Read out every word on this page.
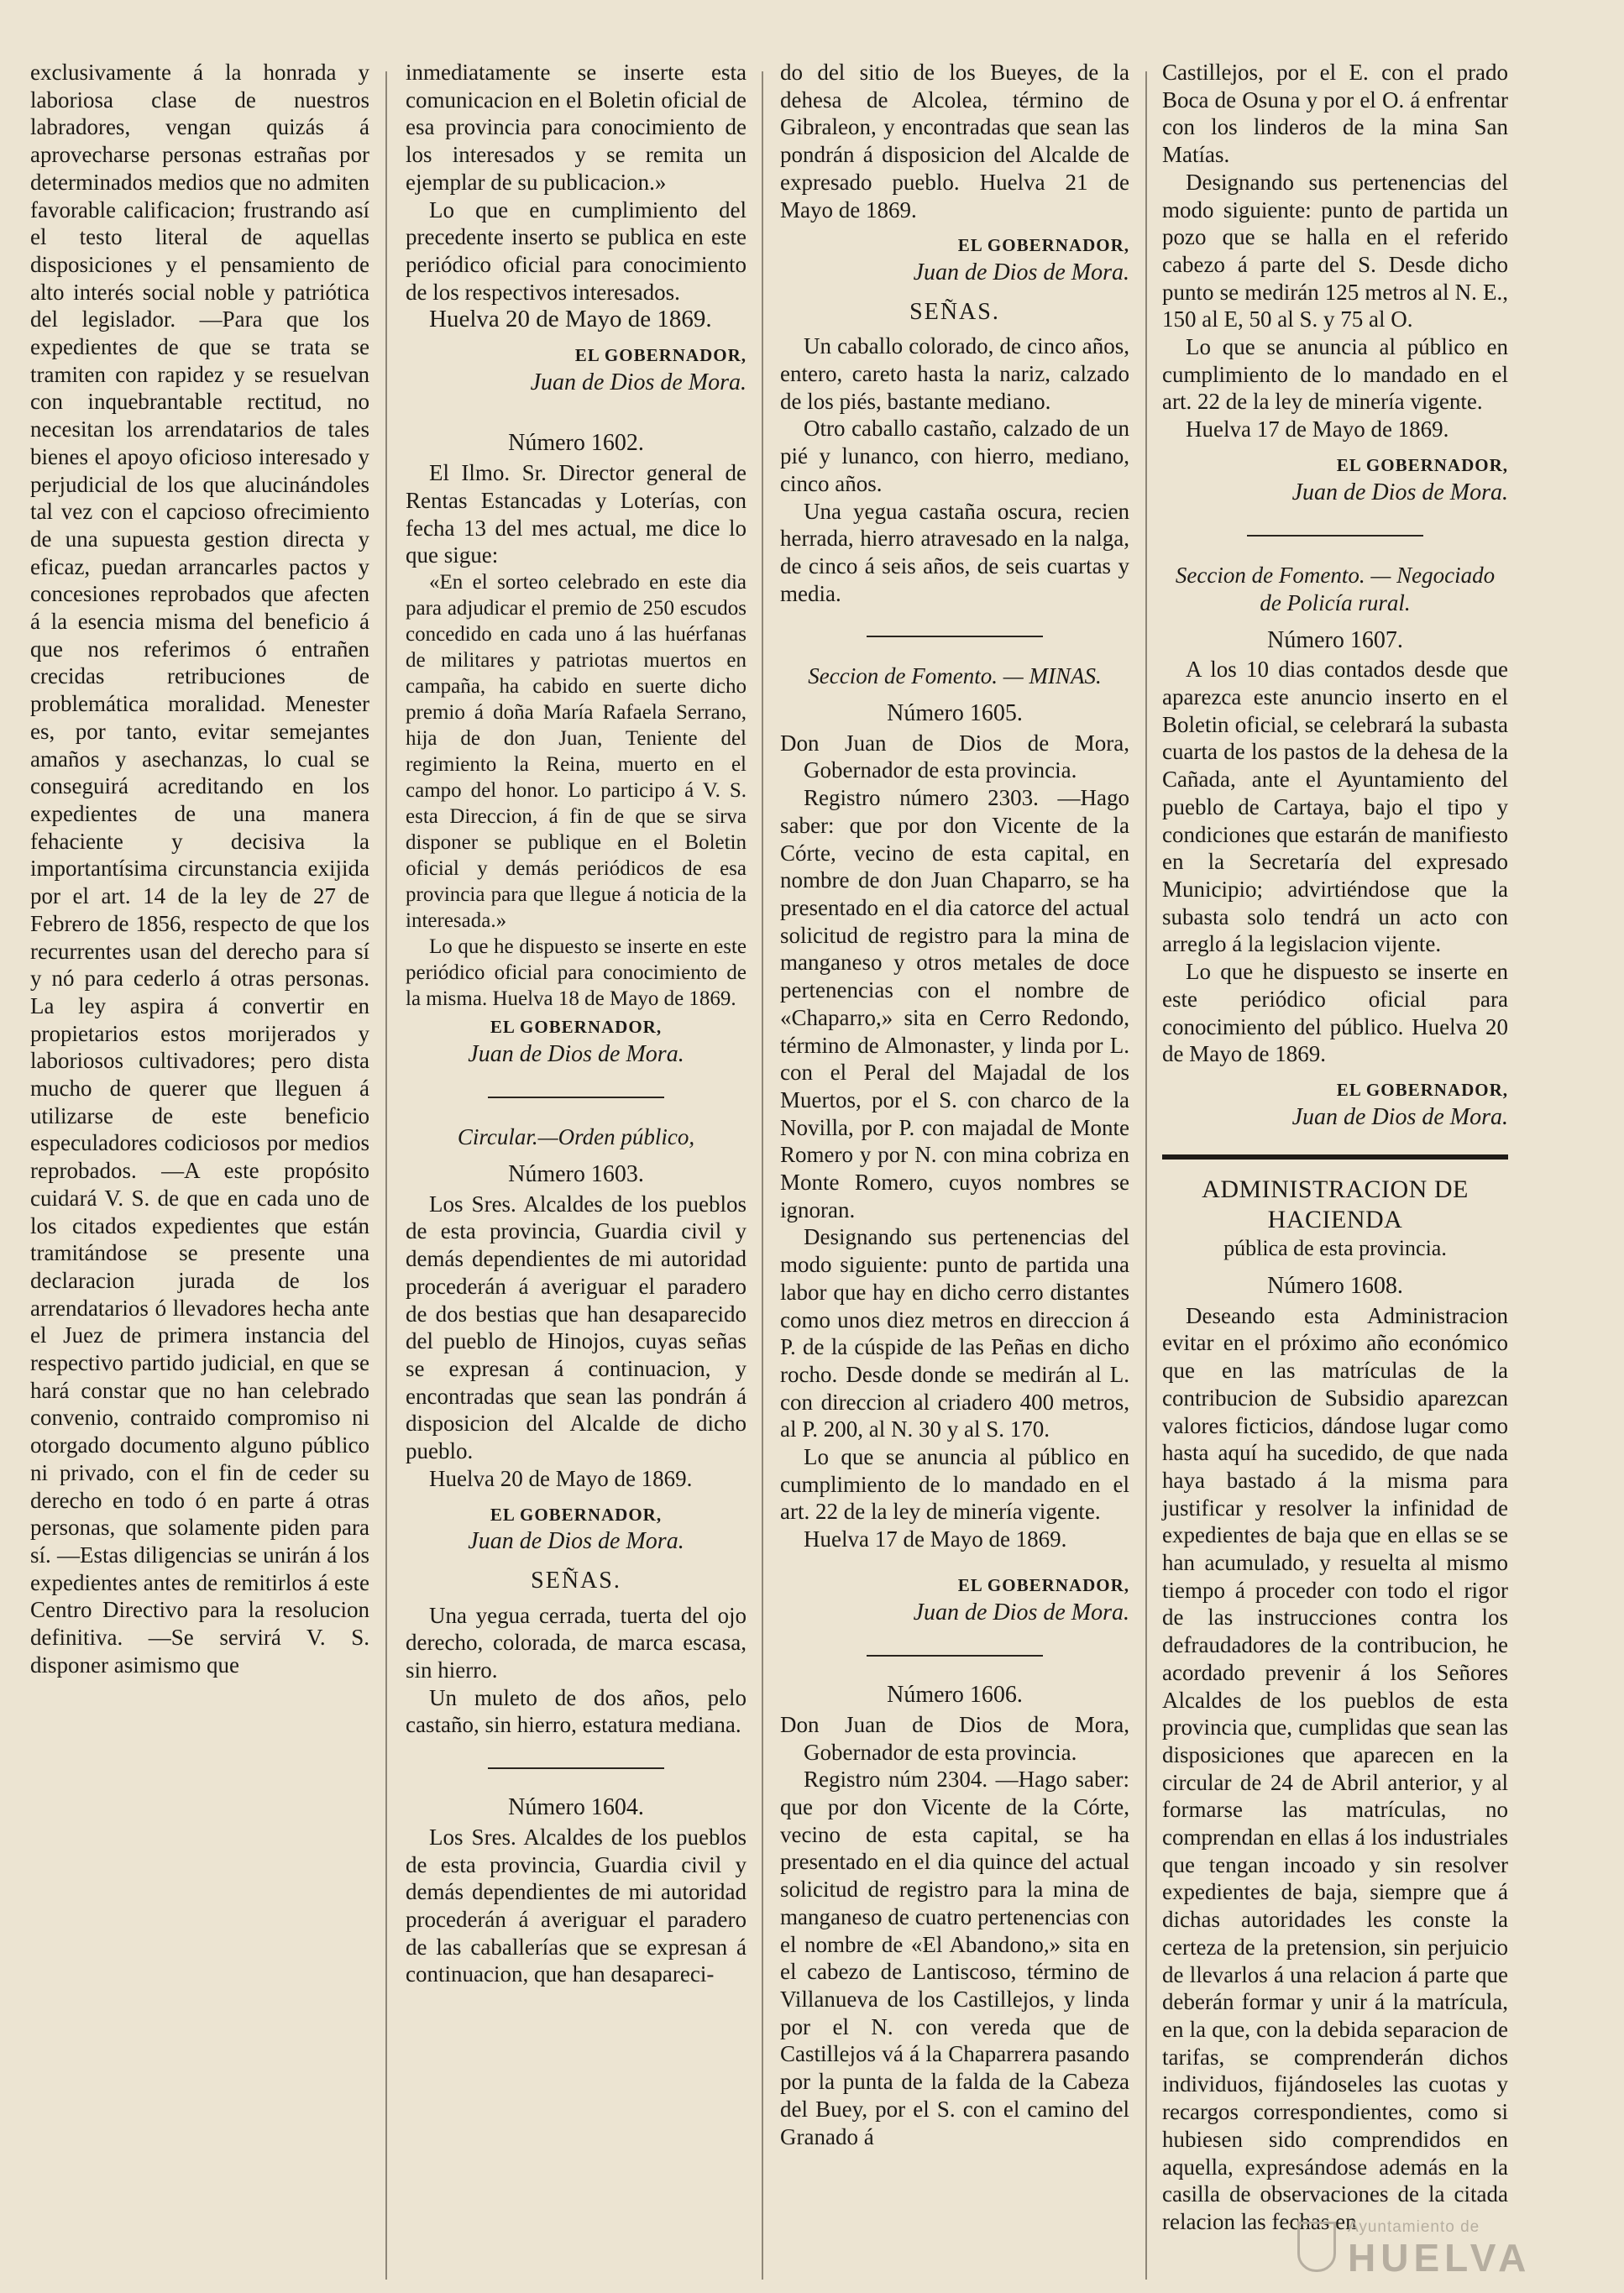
exclusivamente á la honrada y laboriosa clase de nuestros labradores, vengan quizás á aprovecharse personas estrañas por determinados medios que no admiten favorable calificacion; frustrando así el testo literal de aquellas disposiciones y el pensamiento de alto interés social noble y patriótica del legislador. —Para que los expedientes de que se trata se tramiten con rapidez y se resuelvan con inquebrantable rectitud, no necesitan los arrendatarios de tales bienes el apoyo oficioso interesado y perjudicial de los que alucinándoles tal vez con el capcioso ofrecimiento de una supuesta gestion directa y eficaz, puedan arrancarles pactos y concesiones reprobados que afecten á la esencia misma del beneficio á que nos referimos ó entrañen crecidas retribuciones de problemática moralidad. Menester es, por tanto, evitar semejantes amaños y asechanzas, lo cual se conseguirá acreditando en los expedientes de una manera fehaciente y decisiva la importantísima circunstancia exijida por el art. 14 de la ley de 27 de Febrero de 1856, respecto de que los recurrentes usan del derecho para sí y nó para cederlo á otras personas. La ley aspira á convertir en propietarios estos morijerados y laboriosos cultivadores; pero dista mucho de querer que lleguen á utilizarse de este beneficio especuladores codiciosos por medios reprobados. —A este propósito cuidará V. S. de que en cada uno de los citados expedientes que están tramitándose se presente una declaracion jurada de los arrendatarios ó llevadores hecha ante el Juez de primera instancia del respectivo partido judicial, en que se hará constar que no han celebrado convenio, contraido compromiso ni otorgado documento alguno público ni privado, con el fin de ceder su derecho en todo ó en parte á otras personas, que solamente piden para sí. —Estas diligencias se unirán á los expedientes antes de remitirlos á este Centro Directivo para la resolucion definitiva. —Se servirá V. S. disponer asimismo que

inmediatamente se inserte esta comunicacion en el Boletin oficial de esa provincia para conocimiento de los interesados y se remita un ejemplar de su publicacion.»

Lo que en cumplimiento del precedente inserto se publica en este periódico oficial para conocimiento de los respectivos interesados.

Huelva 20 de Mayo de 1869.

EL GOBERNADOR,
Juan de Dios de Mora.
Número 1602.

El Ilmo. Sr. Director general de Rentas Estancadas y Loterías, con fecha 13 del mes actual, me dice lo que sigue:

«En el sorteo celebrado en este dia para adjudicar el premio de 250 escudos concedido en cada uno á las huérfanas de militares y patriotas muertos en campaña, ha cabido en suerte dicho premio á doña María Rafaela Serrano, hija de don Juan, Teniente del regimiento la Reina, muerto en el campo del honor. Lo participo á V. S. esta Direccion, á fin de que se sirva disponer se publique en el Boletin oficial y demás periódicos de esa provincia para que llegue á noticia de la interesada.»

Lo que he dispuesto se inserte en este periódico oficial para conocimiento de la misma. Huelva 18 de Mayo de 1869.

EL GOBERNADOR,
Juan de Dios de Mora.
Circular.—Orden público,
Número 1603.

Los Sres. Alcaldes de los pueblos de esta provincia, Guardia civil y demás dependientes de mi autoridad procederán á averiguar el paradero de dos bestias que han desaparecido del pueblo de Hinojos, cuyas señas se expresan á continuacion, y encontradas que sean las pondrán á disposicion del Alcalde de dicho pueblo.

Huelva 20 de Mayo de 1869.

EL GOBERNADOR,
Juan de Dios de Mora.
SEÑAS.

Una yegua cerrada, tuerta del ojo derecho, colorada, de marca escasa, sin hierro.

Un muleto de dos años, pelo castaño, sin hierro, estatura mediana.

Número 1604.

Los Sres. Alcaldes de los pueblos de esta provincia, Guardia civil y demás dependientes de mi autoridad procederán á averiguar el paradero de las caballerías que se expresan á continuacion, que han desapareci-

do del sitio de los Bueyes, de la dehesa de Alcolea, término de Gibraleon, y encontradas que sean las pondrán á disposicion del Alcalde de expresado pueblo. Huelva 21 de Mayo de 1869.

EL GOBERNADOR,
Juan de Dios de Mora.
SEÑAS.

Un caballo colorado, de cinco años, entero, careto hasta la nariz, calzado de los piés, bastante mediano.

Otro caballo castaño, calzado de un pié y lunanco, con hierro, mediano, cinco años.

Una yegua castaña oscura, recien herrada, hierro atravesado en la nalga, de cinco á seis años, de seis cuartas y media.

Seccion de Fomento. — MINAS.
Número 1605.

Don Juan de Dios de Mora, Gobernador de esta provincia.

Registro número 2303. —Hago saber: que por don Vicente de la Córte, vecino de esta capital, en nombre de don Juan Chaparro, se ha presentado en el dia catorce del actual solicitud de registro para la mina de manganeso y otros metales de doce pertenencias con el nombre de «Chaparro,» sita en Cerro Redondo, término de Almonaster, y linda por L. con el Peral del Majadal de los Muertos, por el S. con charco de la Novilla, por P. con majadal de Monte Romero y por N. con mina cobriza en Monte Romero, cuyos nombres se ignoran.

Designando sus pertenencias del modo siguiente: punto de partida una labor que hay en dicho cerro distantes como unos diez metros en direccion á P. de la cúspide de las Peñas en dicho rocho. Desde donde se medirán al L. con direccion al criadero 400 metros, al P. 200, al N. 30 y al S. 170.

Lo que se anuncia al público en cumplimiento de lo mandado en el art. 22 de la ley de minería vigente.

Huelva 17 de Mayo de 1869.

EL GOBERNADOR,
Juan de Dios de Mora.
Número 1606.

Don Juan de Dios de Mora, Gobernador de esta provincia.

Registro núm 2304. —Hago saber: que por don Vicente de la Córte, vecino de esta capital, se ha presentado en el dia quince del actual solicitud de registro para la mina de manganeso de cuatro pertenencias con el nombre de «El Abandono,» sita en el cabezo de Lantiscoso, término de Villanueva de los Castillejos, y linda por el N. con vereda que de Castillejos vá á la Chaparrera pasando por la punta de la falda de la Cabeza del Buey, por el S. con el camino del Granado á

Castillejos, por el E. con el prado Boca de Osuna y por el O. á enfrentar con los linderos de la mina San Matías.

Designando sus pertenencias del modo siguiente: punto de partida un pozo que se halla en el referido cabezo á parte del S. Desde dicho punto se medirán 125 metros al N. E., 150 al E, 50 al S. y 75 al O.

Lo que se anuncia al público en cumplimiento de lo mandado en el art. 22 de la ley de minería vigente.

Huelva 17 de Mayo de 1869.

EL GOBERNADOR,
Juan de Dios de Mora.
Seccion de Fomento. — Negociado de Policía rural.
Número 1607.

A los 10 dias contados desde que aparezca este anuncio inserto en el Boletin oficial, se celebrará la subasta cuarta de los pastos de la dehesa de la Cañada, ante el Ayuntamiento del pueblo de Cartaya, bajo el tipo y condiciones que estarán de manifiesto en la Secretaría del expresado Municipio; advirtiéndose que la subasta solo tendrá un acto con arreglo á la legislacion vijente.

Lo que he dispuesto se inserte en este periódico oficial para conocimiento del público. Huelva 20 de Mayo de 1869.

EL GOBERNADOR,
Juan de Dios de Mora.
ADMINISTRACION DE HACIENDA
pública de esta provincia.
Número 1608.

Deseando esta Administracion evitar en el próximo año económico que en las matrículas de la contribucion de Subsidio aparezcan valores ficticios, dándose lugar como hasta aquí ha sucedido, de que nada haya bastado á la misma para justificar y resolver la infinidad de expedientes de baja que en ellas se se han acumulado, y resuelta al mismo tiempo á proceder con todo el rigor de las instrucciones contra los defraudadores de la contribucion, he acordado prevenir á los Señores Alcaldes de los pueblos de esta provincia que, cumplidas que sean las disposiciones que aparecen en la circular de 24 de Abril anterior, y al formarse las matrículas, no comprendan en ellas á los industriales que tengan incoado y sin resolver expedientes de baja, siempre que á dichas autoridades les conste la certeza de la pretension, sin perjuicio de llevarlos á una relacion á parte que deberán formar y unir á la matrícula, en la que, con la debida separacion de tarifas, se comprenderán dichos individuos, fijándoseles las cuotas y recargos correspondientes, como si hubiesen sido comprendidos en aquella, expresándose además en la casilla de observaciones de la citada relacion las fechas en

Ayuntamiento de
HUELVA
